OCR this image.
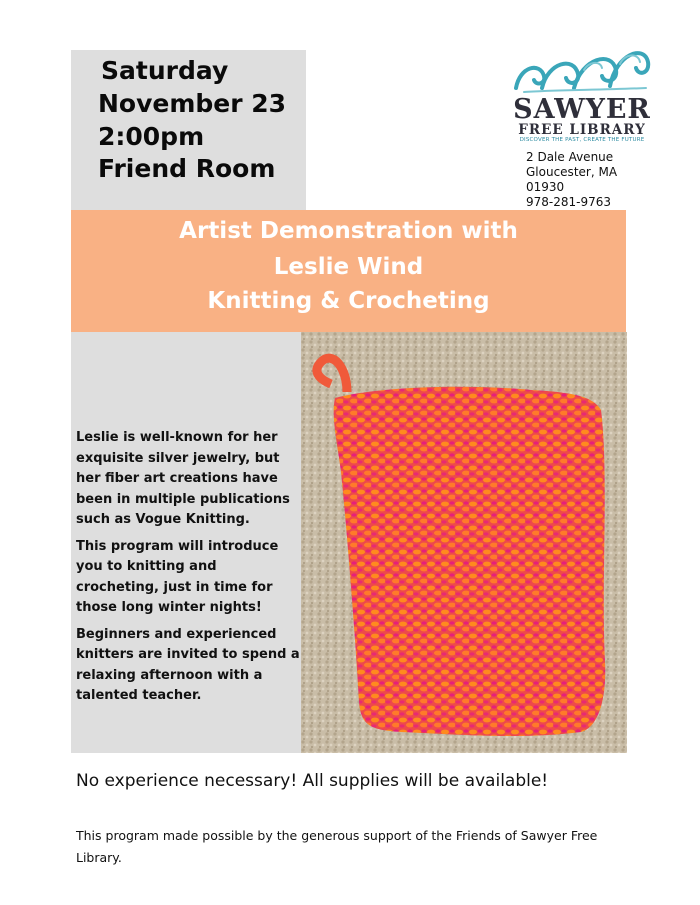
Saturday
November 23
2:00pm
Friend Room
SAWYER
FREE LIBRARY
DISCOVER THE PAST, CREATE THE FUTURE
2 Dale Avenue
Gloucester, MA
01930
978-281-9763
Artist Demonstration with
Leslie Wind
Knitting & Crocheting

Leslie is well-known for her exquisite silver jewelry, but her fiber art creations have been in multiple publications such as Vogue Knitting.

This program will introduce you to knitting and crocheting, just in time for those long winter nights!

Beginners and experienced knitters are invited to spend a relaxing afternoon with a talented teacher.

No experience necessary! All supplies will be available!
This program made possible by the generous support of the Friends of Sawyer Free Library.
